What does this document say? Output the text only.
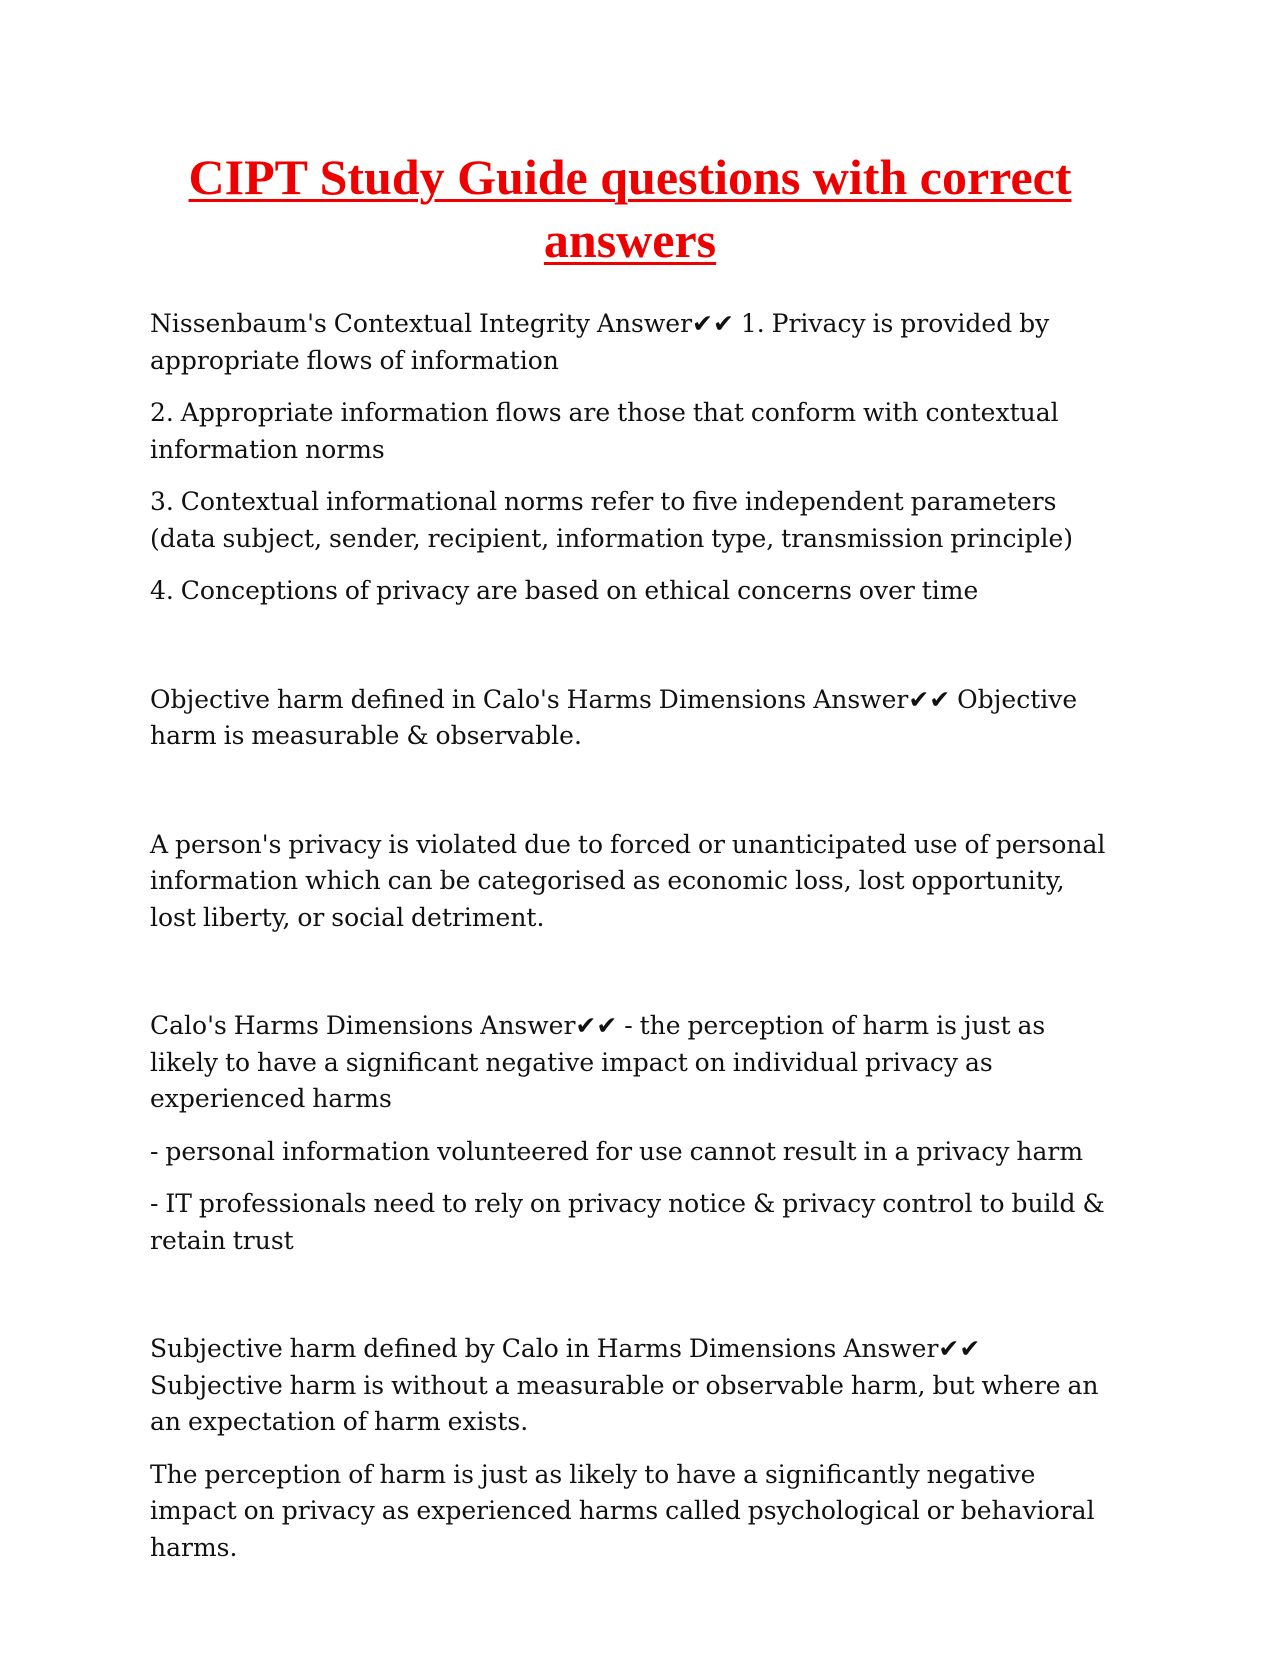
CIPT Study Guide questions with correct answers

Nissenbaum's Contextual Integrity Answer✔✔ 1. Privacy is provided by appropriate flows of information

2. Appropriate information flows are those that conform with contextual information norms

3. Contextual informational norms refer to five independent parameters (data subject, sender, recipient, information type, transmission principle)

4. Conceptions of privacy are based on ethical concerns over time

Objective harm defined in Calo's Harms Dimensions Answer✔✔ Objective harm is measurable & observable.

A person's privacy is violated due to forced or unanticipated use of personal information which can be categorised as economic loss, lost opportunity, lost liberty, or social detriment.

Calo's Harms Dimensions Answer✔✔ - the perception of harm is just as likely to have a significant negative impact on individual privacy as experienced harms

- personal information volunteered for use cannot result in a privacy harm

- IT professionals need to rely on privacy notice & privacy control to build & retain trust

Subjective harm defined by Calo in Harms Dimensions Answer✔✔ Subjective harm is without a measurable or observable harm, but where an an expectation of harm exists.

The perception of harm is just as likely to have a significantly negative impact on privacy as experienced harms called psychological or behavioral harms.
